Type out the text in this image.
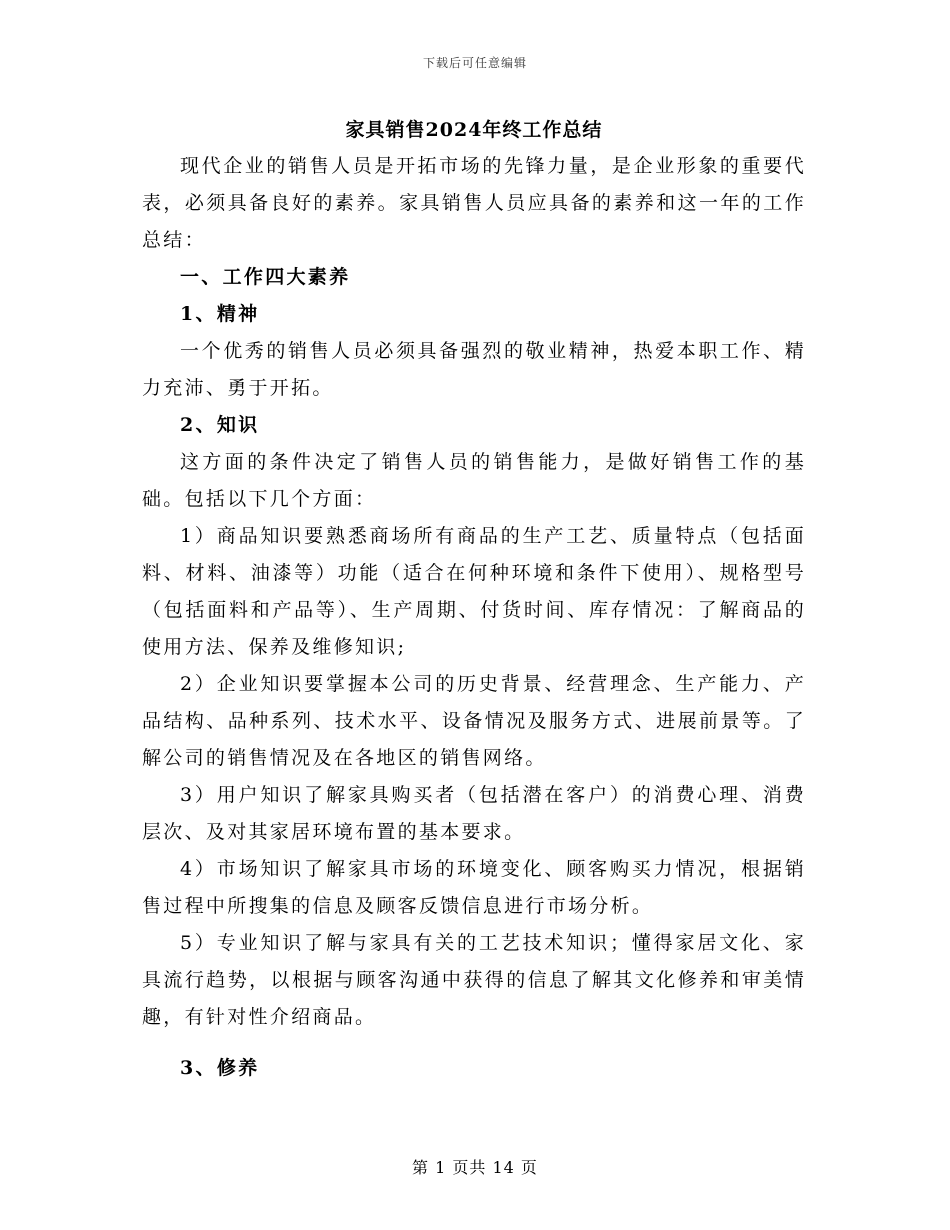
下载后可任意编辑

家具销售2024年终工作总结

现代企业的销售人员是开拓市场的先锋力量，是企业形象的重要代表，必须具备良好的素养。家具销售人员应具备的素养和这一年的工作总结：

一、工作四大素养

1、精神

一个优秀的销售人员必须具备强烈的敬业精神，热爱本职工作、精力充沛、勇于开拓。

2、知识

这方面的条件决定了销售人员的销售能力，是做好销售工作的基础。包括以下几个方面：

1）商品知识要熟悉商场所有商品的生产工艺、质量特点（包括面料、材料、油漆等）功能（适合在何种环境和条件下使用）、规格型号（包括面料和产品等）、生产周期、付货时间、库存情况：了解商品的使用方法、保养及维修知识;

2）企业知识要掌握本公司的历史背景、经营理念、生产能力、产品结构、品种系列、技术水平、设备情况及服务方式、进展前景等。了解公司的销售情况及在各地区的销售网络。

3）用户知识了解家具购买者（包括潜在客户）的消费心理、消费层次、及对其家居环境布置的基本要求。

4）市场知识了解家具市场的环境变化、顾客购买力情况，根据销售过程中所搜集的信息及顾客反馈信息进行市场分析。

5）专业知识了解与家具有关的工艺技术知识；懂得家居文化、家具流行趋势，以根据与顾客沟通中获得的信息了解其文化修养和审美情趣，有针对性介绍商品。

3、修养

第 1 页共 14 页
